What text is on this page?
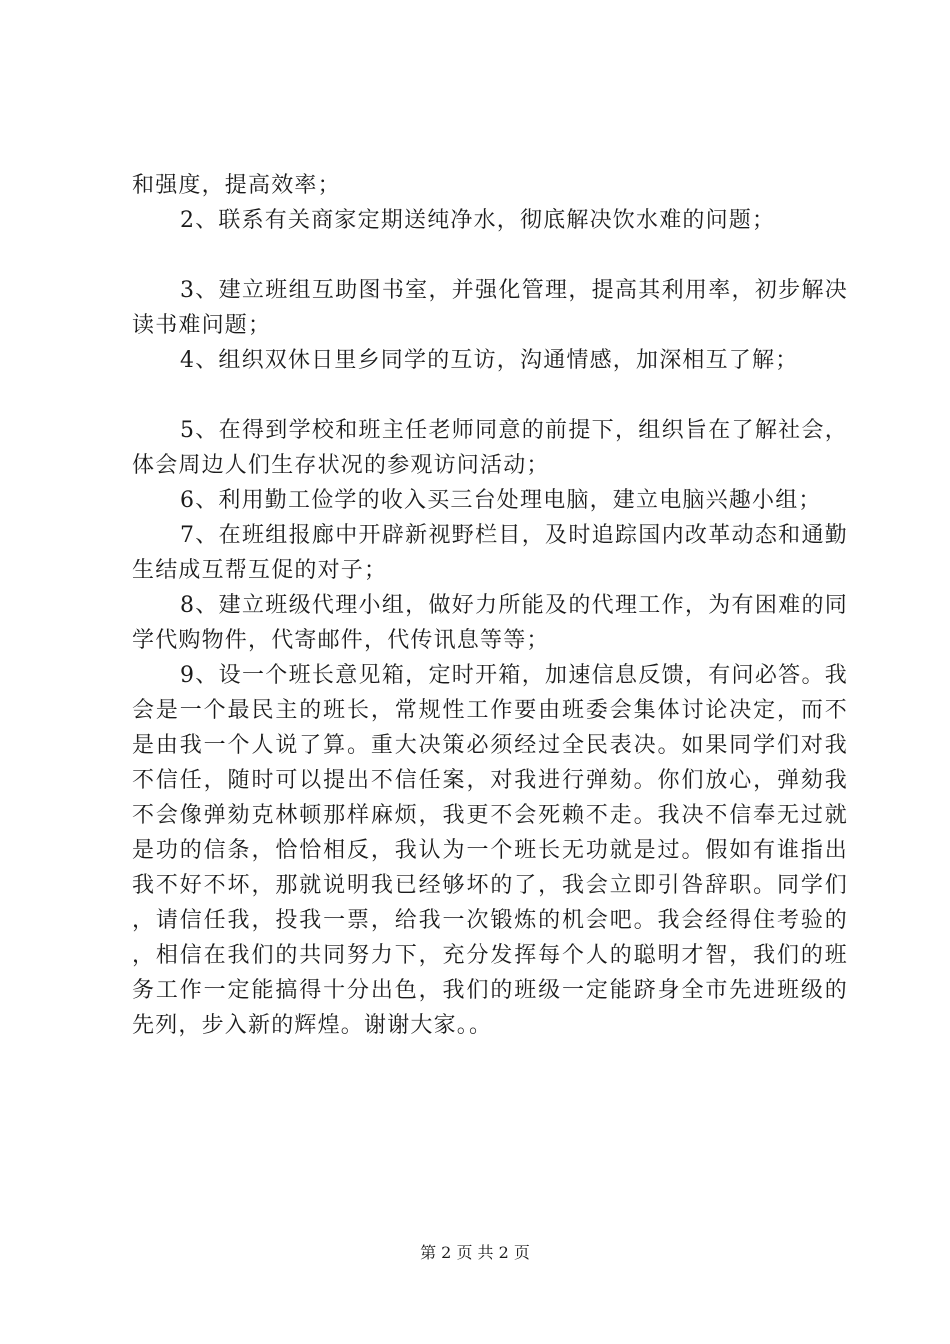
和强度，提高效率；

2、联系有关商家定期送纯净水，彻底解决饮水难的问题；

3、建立班组互助图书室，并强化管理，提高其利用率，初步解决读书难问题；

4、组织双休日里乡同学的互访，沟通情感，加深相互了解；

5、在得到学校和班主任老师同意的前提下，组织旨在了解社会，体会周边人们生存状况的参观访问活动；

6、利用勤工俭学的收入买三台处理电脑，建立电脑兴趣小组；

7、在班组报廊中开辟新视野栏目，及时追踪国内改革动态和通勤生结成互帮互促的对子；

8、建立班级代理小组，做好力所能及的代理工作，为有困难的同学代购物件，代寄邮件，代传讯息等等；

9、设一个班长意见箱，定时开箱，加速信息反馈，有问必答。我会是一个最民主的班长，常规性工作要由班委会集体讨论决定，而不是由我一个人说了算。重大决策必须经过全民表决。如果同学们对我不信任，随时可以提出不信任案，对我进行弹劾。你们放心，弹劾我不会像弹劾克林顿那样麻烦，我更不会死赖不走。我决不信奉无过就是功的信条，恰恰相反，我认为一个班长无功就是过。假如有谁指出我不好不坏，那就说明我已经够坏的了，我会立即引咎辞职。同学们，请信任我，投我一票，给我一次锻炼的机会吧。我会经得住考验的，相信在我们的共同努力下，充分发挥每个人的聪明才智，我们的班务工作一定能搞得十分出色，我们的班级一定能跻身全市先进班级的先列，步入新的辉煌。谢谢大家。。

第 2 页 共 2 页
